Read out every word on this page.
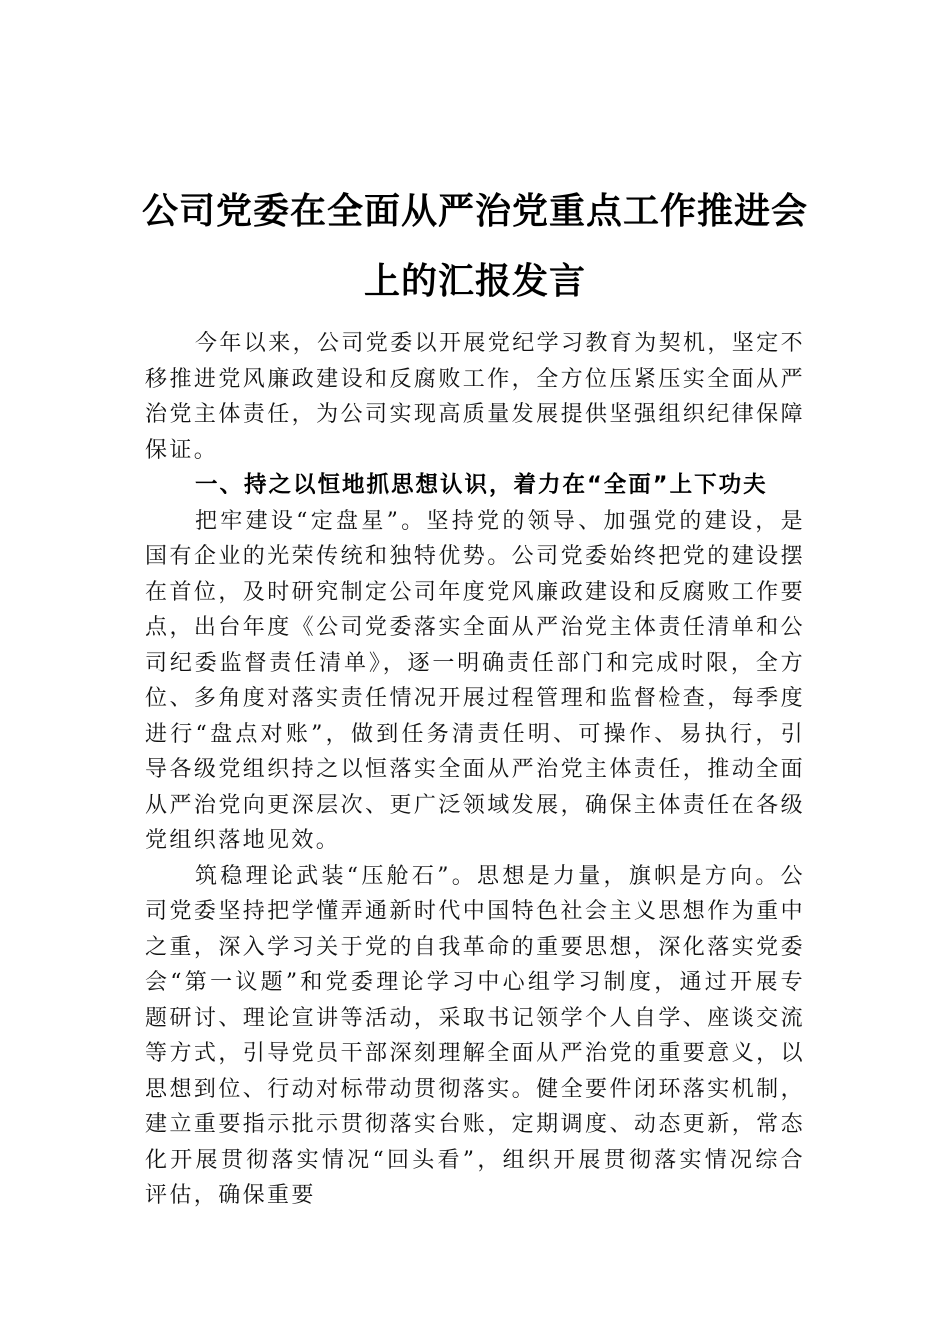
公司党委在全面从严治党重点工作推进会
上的汇报发言

今年以来，公司党委以开展党纪学习教育为契机，坚定不移推进党风廉政建设和反腐败工作，全方位压紧压实全面从严治党主体责任，为公司实现高质量发展提供坚强组织纪律保障保证。

一、持之以恒地抓思想认识，着力在“全面”上下功夫

把牢建设“定盘星”。坚持党的领导、加强党的建设，是国有企业的光荣传统和独特优势。公司党委始终把党的建设摆在首位，及时研究制定公司年度党风廉政建设和反腐败工作要点，出台年度《公司党委落实全面从严治党主体责任清单和公司纪委监督责任清单》，逐一明确责任部门和完成时限，全方位、多角度对落实责任情况开展过程管理和监督检查，每季度进行“盘点对账”，做到任务清责任明、可操作、易执行，引导各级党组织持之以恒落实全面从严治党主体责任，推动全面从严治党向更深层次、更广泛领域发展，确保主体责任在各级党组织落地见效。

筑稳理论武装“压舱石”。思想是力量，旗帜是方向。公司党委坚持把学懂弄通新时代中国特色社会主义思想作为重中之重，深入学习关于党的自我革命的重要思想，深化落实党委会“第一议题”和党委理论学习中心组学习制度，通过开展专题研讨、理论宣讲等活动，采取书记领学个人自学、座谈交流等方式，引导党员干部深刻理解全面从严治党的重要意义，以思想到位、行动对标带动贯彻落实。健全要件闭环落实机制，建立重要指示批示贯彻落实台账，定期调度、动态更新，常态化开展贯彻落实情况“回头看”，组织开展贯彻落实情况综合评估，确保重要
